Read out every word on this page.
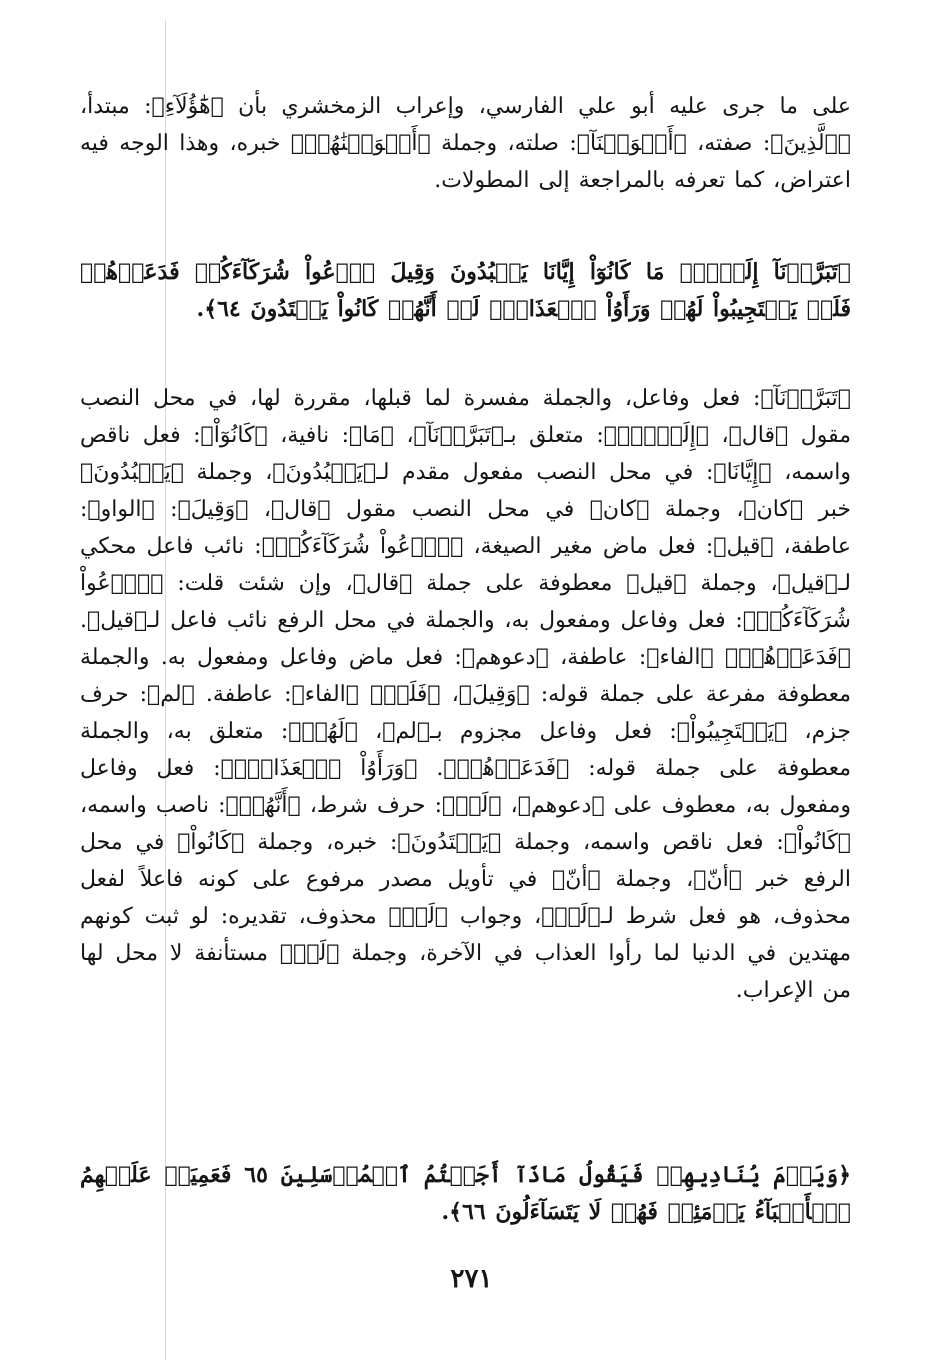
على ما جرى عليه أبو علي الفارسي، وإعراب الزمخشري بأن ﴿هَٰٓؤُلَآءِ﴾: مبتدأ، ﴿ٱلَّذِينَ﴾: صفته، ﴿أَغۡوَيۡنَآ﴾: صلته، وجملة ﴿أَغۡوَيۡنَٰهُمۡ﴾ خبره، وهذا الوجه فيه اعتراض، كما تعرفه بالمراجعة إلى المطولات.

﴿تَبَرَّأۡنَآ إِلَيۡكَۖ مَا كَانُوٓاْ إِيَّانَا يَعۡبُدُونَ وَقِيلَ ٱدۡعُواْ شُرَكَآءَكُمۡ فَدَعَوۡهُمۡ فَلَمۡ يَسۡتَجِيبُواْ لَهُمۡ وَرَأَوُاْ ٱلۡعَذَابَۚ لَوۡ أَنَّهُمۡ كَانُواْ يَهۡتَدُونَ ٦٤﴾.

﴿تَبَرَّأۡنَآ﴾: فعل وفاعل، والجملة مفسرة لما قبلها، مقررة لها، في محل النصب مقول ﴿قال﴾، ﴿إِلَيۡكَۖ﴾: متعلق بـ﴿تَبَرَّأۡنَآ﴾، ﴿مَا﴾: نافية، ﴿كَانُوٓاْ﴾: فعل ناقص واسمه، ﴿إِيَّانَا﴾: في محل النصب مفعول مقدم لـ﴿يَعۡبُدُونَ﴾، وجملة ﴿يَعۡبُدُونَ﴾ خبر ﴿كان﴾، وجملة ﴿كان﴾ في محل النصب مقول ﴿قال﴾، ﴿وَقِيلَ﴾: ﴿الواو﴾: عاطفة، ﴿قيل﴾: فعل ماض مغير الصيغة، ﴿ٱدۡعُواْ شُرَكَآءَكُمۡ﴾: نائب فاعل محكي لـ﴿قيل﴾، وجملة ﴿قيل﴾ معطوفة على جملة ﴿قال﴾، وإن شئت قلت: ﴿ٱدۡعُواْ شُرَكَآءَكُمۡ﴾: فعل وفاعل ومفعول به، والجملة في محل الرفع نائب فاعل لـ﴿قيل﴾. ﴿فَدَعَوۡهُمۡ﴾ ﴿الفاء﴾: عاطفة، ﴿دعوهم﴾: فعل ماض وفاعل ومفعول به. والجملة معطوفة مفرعة على جملة قوله: ﴿وَقِيلَ﴾، ﴿فَلَمۡ﴾ ﴿الفاء﴾: عاطفة. ﴿لم﴾: حرف جزم، ﴿يَسۡتَجِيبُواْ﴾: فعل وفاعل مجزوم بـ﴿لم﴾، ﴿لَهُمۡ﴾: متعلق به، والجملة معطوفة على جملة قوله: ﴿فَدَعَوۡهُمۡ﴾. ﴿وَرَأَوُاْ ٱلۡعَذَابَۚ﴾: فعل وفاعل ومفعول به، معطوف على ﴿دعوهم﴾، ﴿لَوۡ﴾: حرف شرط، ﴿أَنَّهُمۡ﴾: ناصب واسمه، ﴿كَانُواْ﴾: فعل ناقص واسمه، وجملة ﴿يَهۡتَدُونَ﴾: خبره، وجملة ﴿كَانُواْ﴾ في محل الرفع خبر ﴿أنّ﴾، وجملة ﴿أنّ﴾ في تأويل مصدر مرفوع على كونه فاعلاً لفعل محذوف، هو فعل شرط لـ﴿لَوۡ﴾، وجواب ﴿لَوۡ﴾ محذوف، تقديره: لو ثبت كونهم مهتدين في الدنيا لما رأوا العذاب في الآخرة، وجملة ﴿لَوۡ﴾ مستأنفة لا محل لها من الإعراب.

﴿وَيَوۡمَ يُنَادِيهِمۡ فَيَقُولُ مَاذَآ أَجَبۡتُمُ ٱلۡمُرۡسَلِينَ ٦٥ فَعَمِيَتۡ عَلَيۡهِمُ ٱلۡأَنۢبَآءُ يَوۡمَئِذٖ فَهُمۡ لَا يَتَسَآءَلُونَ ٦٦﴾.

٢٧١
